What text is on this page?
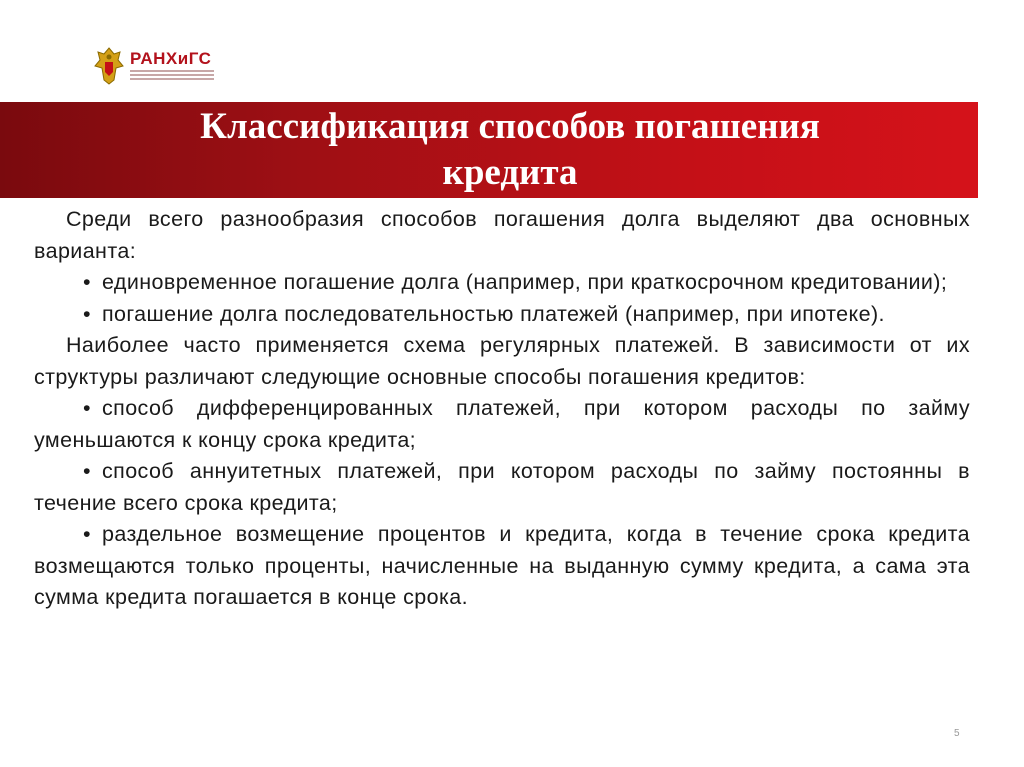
РАНХиГС
Классификация способов погашения
кредита

Среди всего разнообразия способов погашения долга выделяют два основных варианта:

• единовременное погашение долга (например, при краткосрочном кредитовании);

• погашение долга последовательностью платежей (например, при ипотеке).

Наиболее часто применяется схема регулярных платежей. В зависимости от их структуры различают следующие основные способы погашения кредитов:

• способ дифференцированных платежей, при котором расходы по займу уменьшаются к концу срока кредита;

• способ аннуитетных платежей, при котором расходы по займу постоянны в течение всего срока кредита;

• раздельное возмещение процентов и кредита, когда в течение срока кредита возмещаются только проценты, начисленные на выданную сумму кредита, а сама эта сумма кредита погашается в конце срока.

5
